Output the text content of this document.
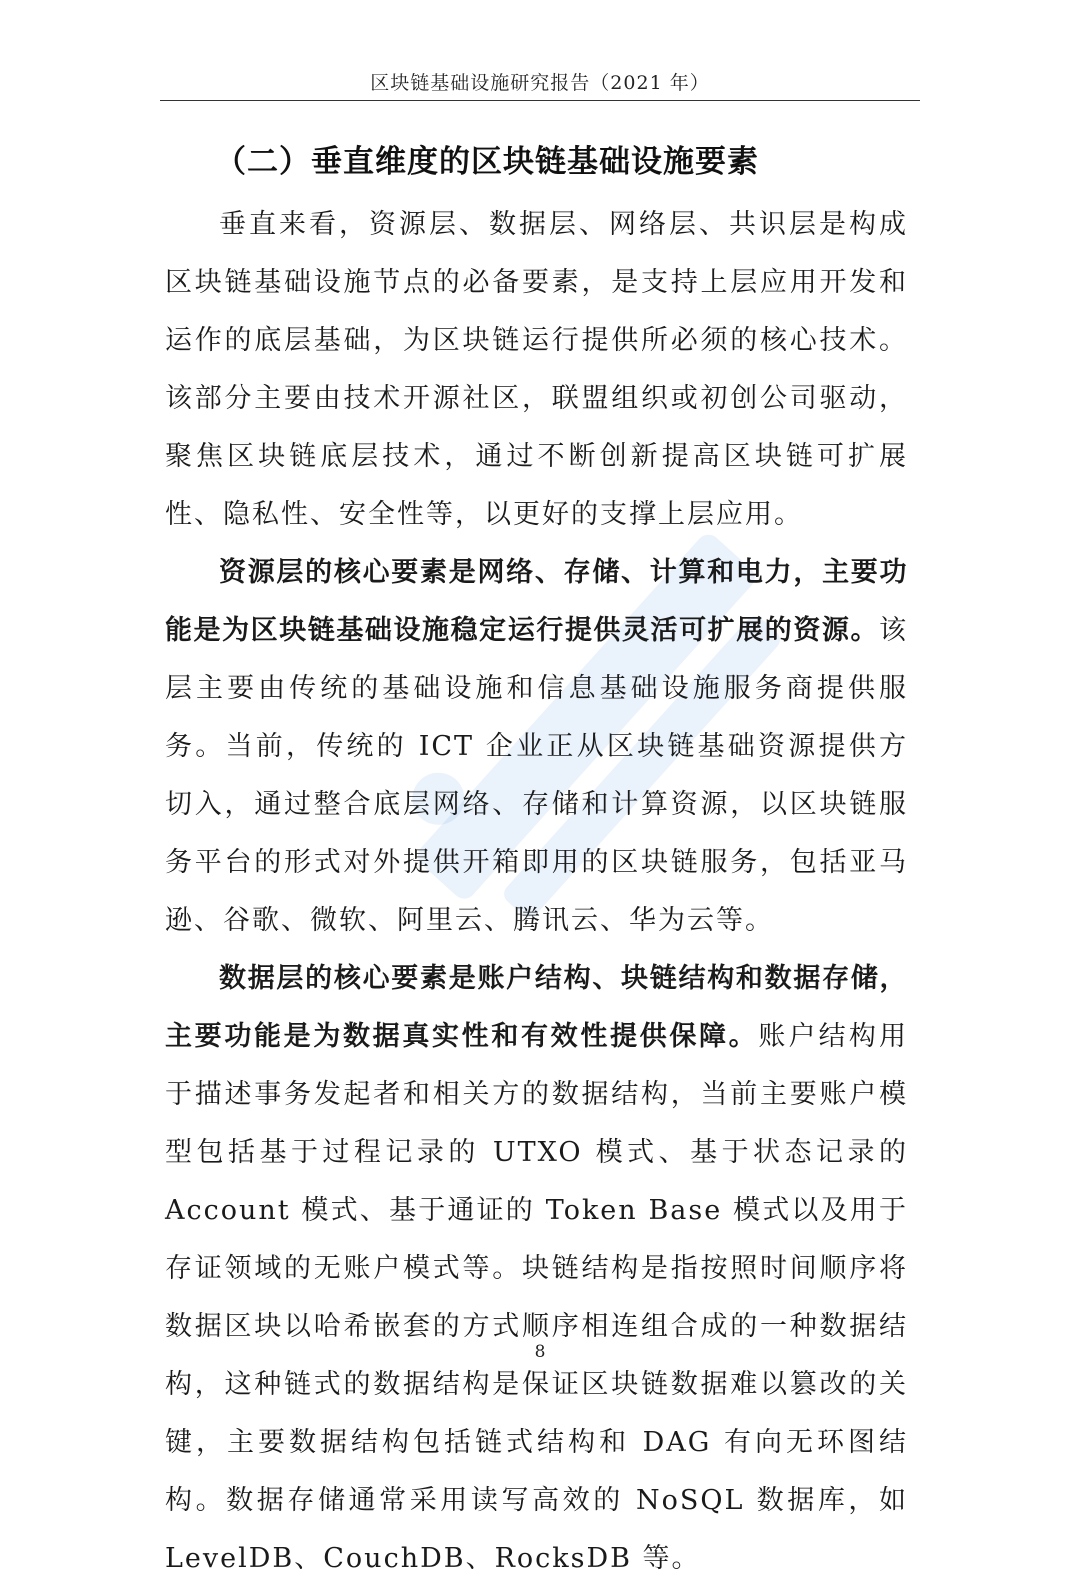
区块链基础设施研究报告（2021 年）
（二）垂直维度的区块链基础设施要素

垂直来看，资源层、数据层、网络层、共识层是构成区块链基础设施节点的必备要素，是支持上层应用开发和运作的底层基础，为区块链运行提供所必须的核心技术。该部分主要由技术开源社区，联盟组织或初创公司驱动，聚焦区块链底层技术，通过不断创新提高区块链可扩展性、隐私性、安全性等，以更好的支撑上层应用。

资源层的核心要素是网络、存储、计算和电力，主要功能是为区块链基础设施稳定运行提供灵活可扩展的资源。该层主要由传统的基础设施和信息基础设施服务商提供服务。当前，传统的 ICT 企业正从区块链基础资源提供方切入，通过整合底层网络、存储和计算资源，以区块链服务平台的形式对外提供开箱即用的区块链服务，包括亚马逊、谷歌、微软、阿里云、腾讯云、华为云等。

数据层的核心要素是账户结构、块链结构和数据存储，主要功能是为数据真实性和有效性提供保障。账户结构用于描述事务发起者和相关方的数据结构，当前主要账户模型包括基于过程记录的 UTXO 模式、基于状态记录的 Account 模式、基于通证的 Token Base 模式以及用于存证领域的无账户模式等。块链结构是指按照时间顺序将数据区块以哈希嵌套的方式顺序相连组合成的一种数据结构，这种链式的数据结构是保证区块链数据难以篡改的关键，主要数据结构包括链式结构和 DAG 有向无环图结构。数据存储通常采用读写高效的 NoSQL 数据库，如 LevelDB、CouchDB、RocksDB 等。

8
